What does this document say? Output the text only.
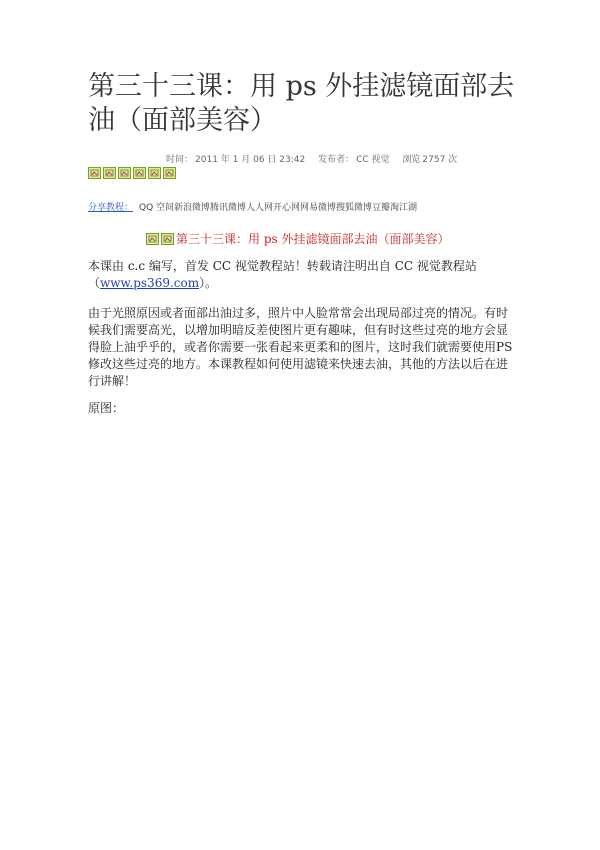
第三十三课：用 ps 外挂滤镜面部去油（面部美容）
时间： 2011 年 1 月 06 日 23:42 发布者： CC 视觉 浏览 2757 次
分享教程： QQ 空间新浪微博腾讯微博人人网开心网网易微博搜狐微博豆瓣淘江湖
第三十三课：用 ps 外挂滤镜面部去油（面部美容）

本课由 c.c 编写，首发 CC 视觉教程站！转载请注明出自 CC 视觉教程站（www.ps369.com）。

由于光照原因或者面部出油过多，照片中人脸常常会出现局部过亮的情况。有时候我们需要高光，以增加明暗反差使图片更有趣味，但有时这些过亮的地方会显得脸上油乎乎的，或者你需要一张看起来更柔和的图片，这时我们就需要使用PS 修改这些过亮的地方。本课教程如何使用滤镜来快速去油，其他的方法以后在进行讲解！

原图：
